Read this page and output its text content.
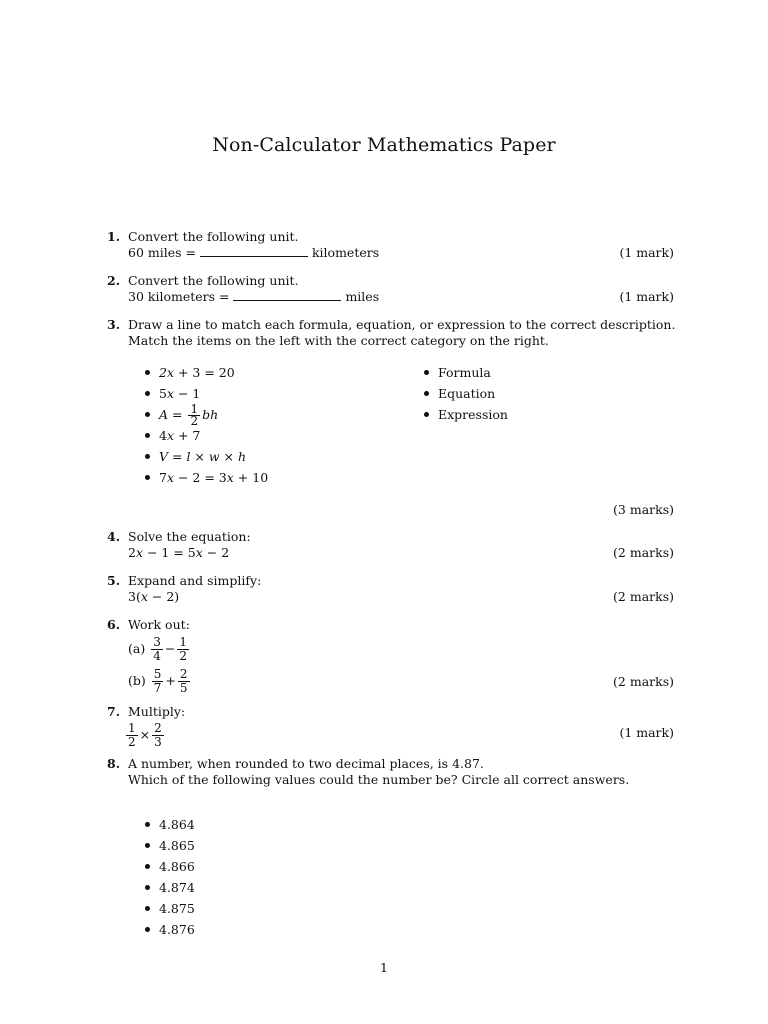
Non-Calculator Mathematics Paper
1. Convert the following unit.
60 miles =	kilometers	(1 mark)
2. Convert the following unit.
30 kilometers =	miles	(1 mark)
3. Draw a line to match each formula, equation, or expression to the correct description.
Match the items on the left with the correct category on the right.
2x + 3 = 20
5x − 1
$A = \frac{1}{2}$ bh
4x + 7
V = l × w × h
7x − 2 = 3x + 10
Formula
Equation
Expression
(3 marks)
4. Solve the equation:
2x − 1 = 5x − 2	(2 marks)
5. Expand and simplify:
3(x − 2)	(2 marks)
6. Work out:
(a)
$\frac{3}{4} - \frac{1}{2}$
(b)
$\frac{5}{7} + \frac{2}{5}$	(2 marks)
7. Multiply:
$\frac{1}{2} \times \frac{2}{3}$	(1 mark)
8. A number, when rounded to two decimal places, is 4.87.
Which of the following values could the number be? Circle all correct answers.
4.864
4.865
4.866
4.874
4.875
4.876
1
